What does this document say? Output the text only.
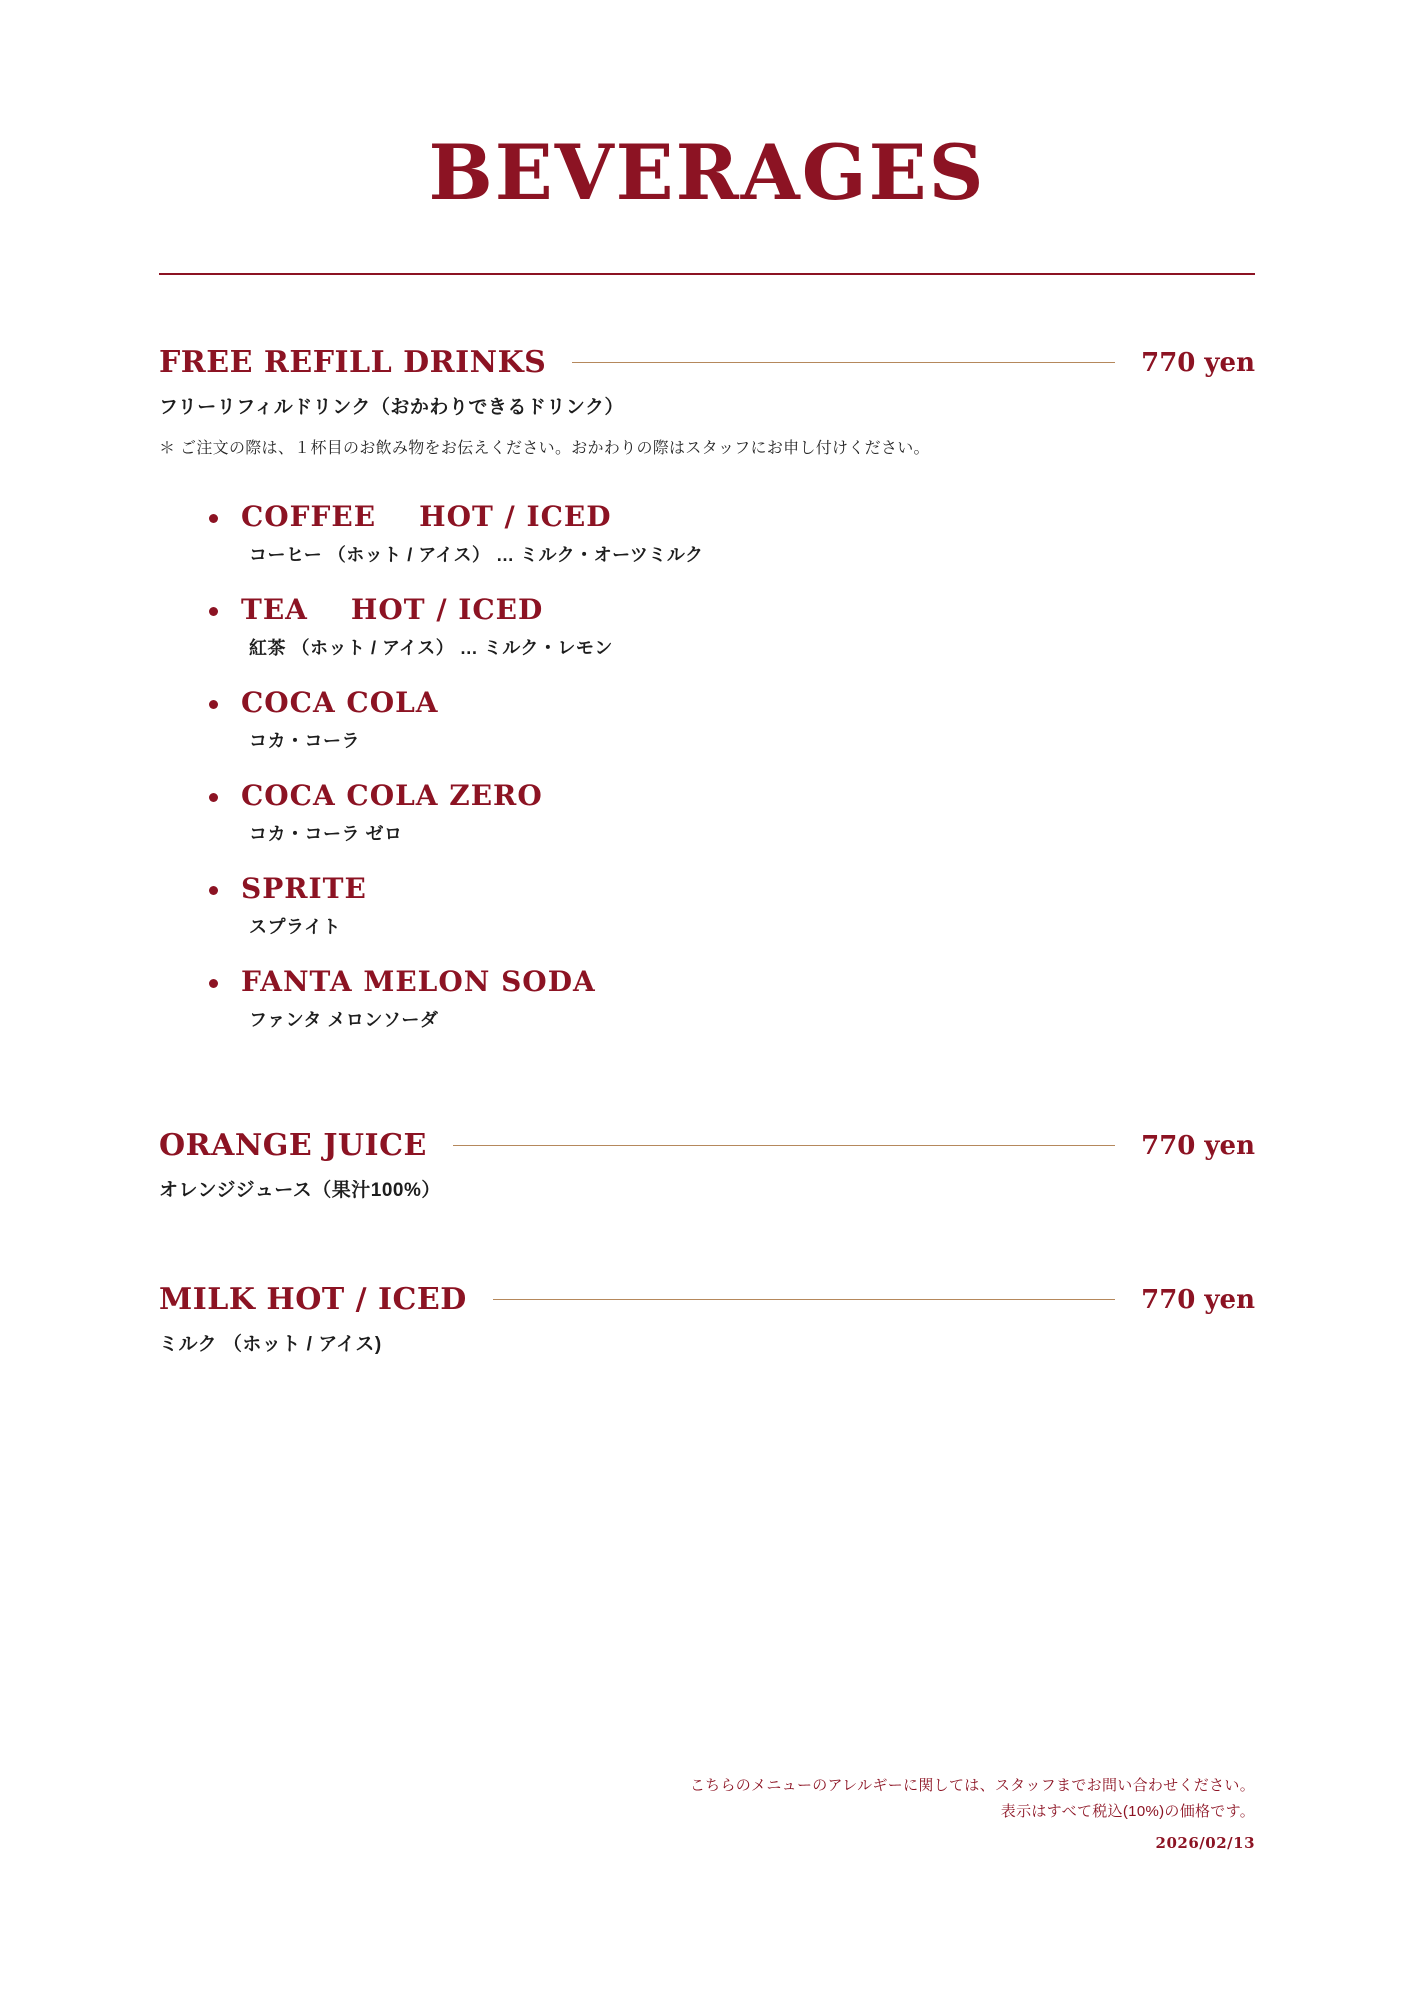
BEVERAGES
FREE REFILL DRINKS	770 yen
フリーリフィルドリンク（おかわりできるドリンク）
＊ ご注文の際は、１杯目のお飲み物をお伝えください。おかわりの際はスタッフにお申し付けください。
COFFEE    HOT / ICED
コーヒー （ホット / アイス） … ミルク・オーツミルク
TEA    HOT / ICED
紅茶 （ホット / アイス） … ミルク・レモン
COCA COLA
コカ・コーラ
COCA COLA ZERO
コカ・コーラ ゼロ
SPRITE
スプライト
FANTA MELON SODA
ファンタ メロンソーダ
ORANGE JUICE	770 yen
オレンジジュース（果汁100%）
MILK HOT / ICED	770 yen
ミルク （ホット / アイス)
こちらのメニューのアレルギーに関しては、スタッフまでお問い合わせください。
表示はすべて税込(10%)の価格です。
2026/02/13
